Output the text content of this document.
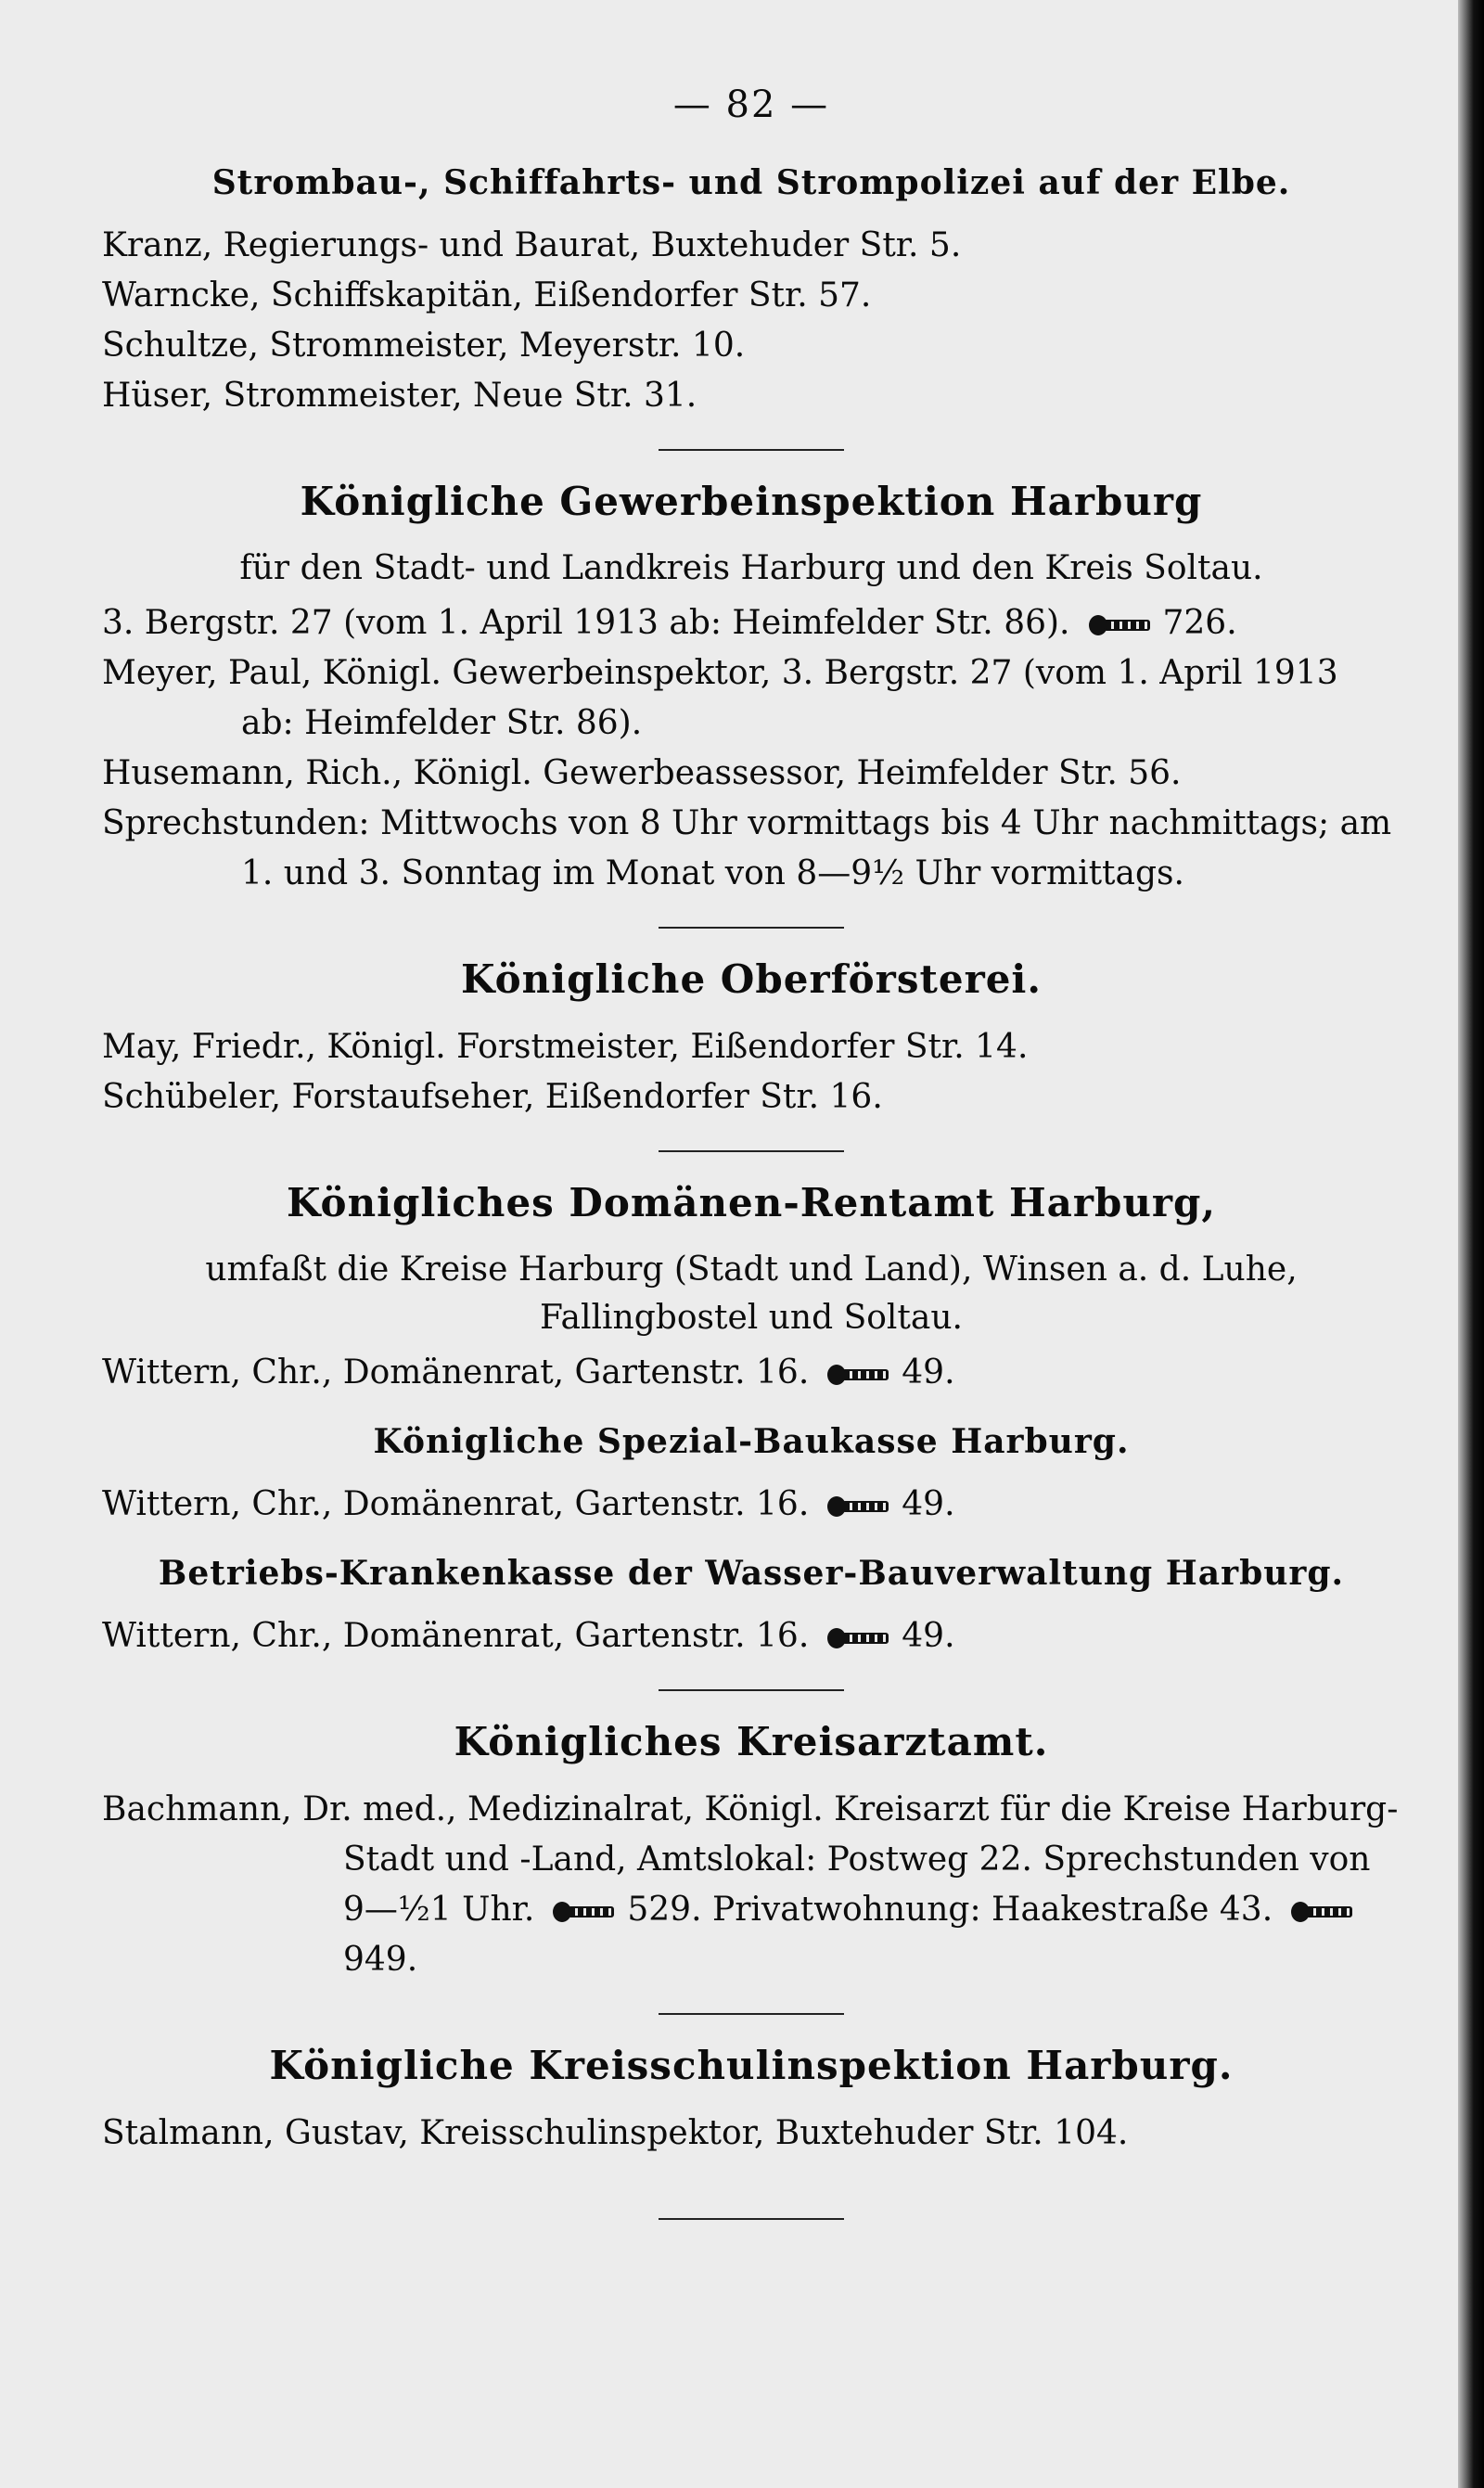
— 82 —
Strombau-, Schiffahrts- und Strompolizei auf der Elbe.

Kranz, Regierungs- und Baurat, Buxtehuder Str. 5.

Warncke, Schiffskapitän, Eißendorfer Str. 57.

Schultze, Strommeister, Meyerstr. 10.

Hüser, Strommeister, Neue Str. 31.

Königliche Gewerbeinspektion Harburg
für den Stadt- und Landkreis Harburg und den Kreis Soltau.

3. Bergstr. 27 (vom 1. April 1913 ab: Heimfelder Str. 86).	726.

Meyer, Paul, Königl. Gewerbeinspektor, 3. Bergstr. 27 (vom 1. April 1913 ab: Heimfelder Str. 86).

Husemann, Rich., Königl. Gewerbeassessor, Heimfelder Str. 56.

Sprechstunden: Mittwochs von 8 Uhr vormittags bis 4 Uhr nachmittags; am 1. und 3. Sonntag im Monat von 8—9½ Uhr vormittags.

Königliche Oberförsterei.

May, Friedr., Königl. Forstmeister, Eißendorfer Str. 14.

Schübeler, Forstaufseher, Eißendorfer Str. 16.

Königliches Domänen-Rentamt Harburg,
umfaßt die Kreise Harburg (Stadt und Land), Winsen a. d. Luhe, Fallingbostel und Soltau.

Wittern, Chr., Domänenrat, Gartenstr. 16.	49.

Königliche Spezial-Baukasse Harburg.

Wittern, Chr., Domänenrat, Gartenstr. 16.	49.

Betriebs-Krankenkasse der Wasser-Bauverwaltung Harburg.

Wittern, Chr., Domänenrat, Gartenstr. 16.	49.

Königliches Kreisarztamt.

Bachmann, Dr. med., Medizinalrat, Königl. Kreisarzt für die Kreise Harburg-Stadt und -Land, Amtslokal: Postweg 22. Sprechstunden von 9—½1 Uhr.	529. Privatwohnung: Haakestraße 43.949.

Königliche Kreisschulinspektion Harburg.

Stalmann, Gustav, Kreisschulinspektor, Buxtehuder Str. 104.
